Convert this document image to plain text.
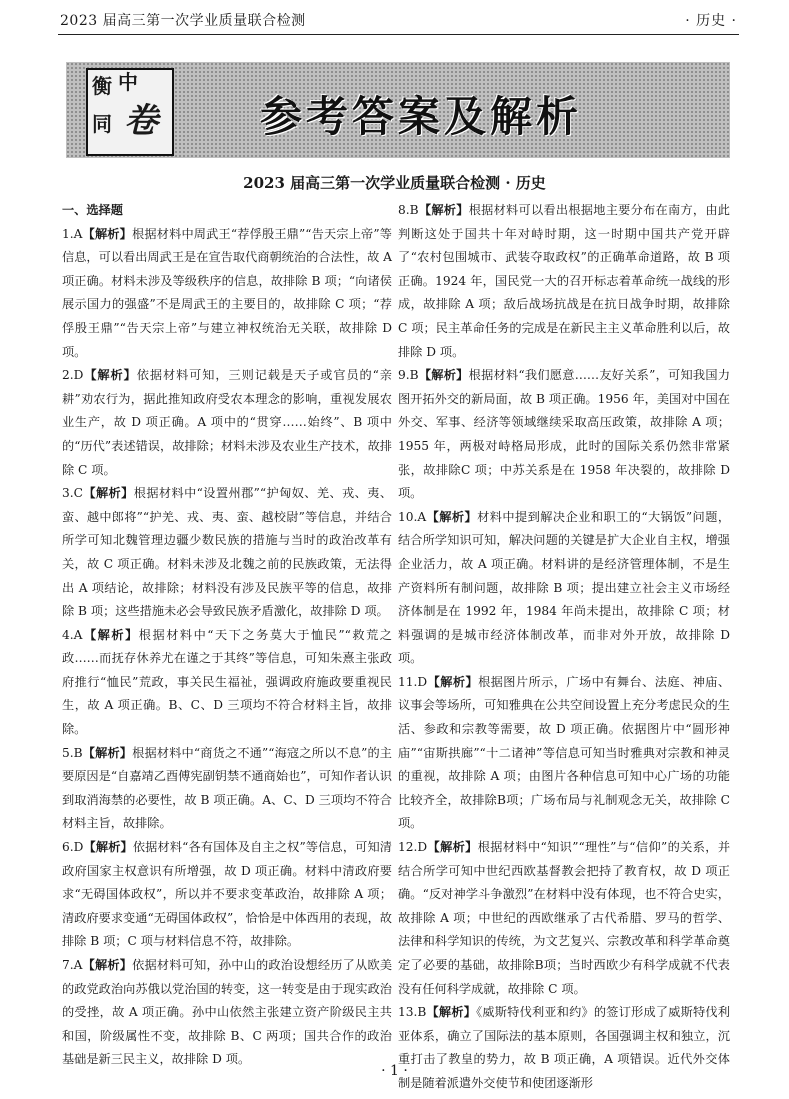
2023 届高三第一次学业质量联合检测	· 历史 ·
衡 中
同 卷 参考答案及解析
2023 届高三第一次学业质量联合检测 · 历史
一、选择题

1.A【解析】根据材料中周武王“荐俘殷王鼎”“告天宗上帝”等信息，可以看出周武王是在宣告取代商朝统治的合法性，故 A 项正确。材料未涉及等级秩序的信息，故排除 B 项；“向诸侯展示国力的强盛”不是周武王的主要目的，故排除 C 项；“荐俘殷王鼎”“告天宗上帝”与建立神权统治无关联，故排除 D 项。

2.D【解析】依据材料可知，三则记载是天子或官员的“亲耕”劝农行为，据此推知政府受农本理念的影响，重视发展农业生产，故 D 项正确。A 项中的“贯穿……始终”、B 项中的“历代”表述错误，故排除；材料未涉及农业生产技术，故排除 C 项。

3.C【解析】根据材料中“设置州郡”“护匈奴、羌、戎、夷、蛮、越中郎将”“护羌、戎、夷、蛮、越校尉”等信息，并结合所学可知北魏管理边疆少数民族的措施与当时的政治改革有关，故 C 项正确。材料未涉及北魏之前的民族政策，无法得出 A 项结论，故排除；材料没有涉及民族平等的信息，故排除 B 项；这些措施未必会导致民族矛盾激化，故排除 D 项。

4.A【解析】根据材料中“天下之务莫大于恤民”“救荒之政……而抚存休养尤在谨之于其终”等信息，可知朱熹主张政府推行“恤民”荒政，事关民生福祉，强调政府施政要重视民生，故 A 项正确。B、C、D 三项均不符合材料主旨，故排除。

5.B【解析】根据材料中“商货之不通”“海寇之所以不息”的主要原因是“自嘉靖乙酉傅宪副钥禁不通商始也”，可知作者认识到取消海禁的必要性，故 B 项正确。A、C、D 三项均不符合材料主旨，故排除。

6.D【解析】依据材料“各有国体及自主之权”等信息，可知清政府国家主权意识有所增强，故 D 项正确。材料中清政府要求“无碍国体政权”，所以并不要求变革政治，故排除 A 项；清政府要求变通“无碍国体政权”，恰恰是中体西用的表现，故排除 B 项；C 项与材料信息不符，故排除。

7.A【解析】依据材料可知，孙中山的政治设想经历了从欧美的政党政治向苏俄以党治国的转变，这一转变是由于现实政治的受挫，故 A 项正确。孙中山依然主张建立资产阶级民主共和国，阶级属性不变，故排除 B、C 两项；国共合作的政治基础是新三民主义，故排除 D 项。

8.B【解析】根据材料可以看出根据地主要分布在南方，由此判断这处于国共十年对峙时期，这一时期中国共产党开辟了“农村包围城市、武装夺取政权”的正确革命道路，故 B 项正确。1924 年，国民党一大的召开标志着革命统一战线的形成，故排除 A 项；敌后战场抗战是在抗日战争时期，故排除 C 项；民主革命任务的完成是在新民主主义革命胜利以后，故排除 D 项。

9.B【解析】根据材料“我们愿意……友好关系”，可知我国力图开拓外交的新局面，故 B 项正确。1956 年，美国对中国在外交、军事、经济等领域继续采取高压政策，故排除 A 项；1955 年，两极对峙格局形成，此时的国际关系仍然非常紧张，故排除C 项；中苏关系是在 1958 年决裂的，故排除 D 项。

10.A【解析】材料中提到解决企业和职工的“大锅饭”问题，结合所学知识可知，解决问题的关键是扩大企业自主权，增强企业活力，故 A 项正确。材料讲的是经济管理体制，不是生产资料所有制问题，故排除 B 项；提出建立社会主义市场经济体制是在 1992 年，1984 年尚未提出，故排除 C 项；材料强调的是城市经济体制改革，而非对外开放，故排除 D 项。

11.D【解析】根据图片所示，广场中有舞台、法庭、神庙、议事会等场所，可知雅典在公共空间设置上充分考虑民众的生活、参政和宗教等需要，故 D 项正确。依据图片中“圆形神庙”“宙斯拱廊”“十二诸神”等信息可知当时雅典对宗教和神灵的重视，故排除 A 项；由图片各种信息可知中心广场的功能比较齐全，故排除B项；广场布局与礼制观念无关，故排除 C 项。

12.D【解析】根据材料中“知识”“理性”与“信仰”的关系，并结合所学可知中世纪西欧基督教会把持了教育权，故 D 项正确。“反对神学斗争激烈”在材料中没有体现，也不符合史实，故排除 A 项；中世纪的西欧继承了古代希腊、罗马的哲学、法律和科学知识的传统，为文艺复兴、宗教改革和科学革命奠定了必要的基础，故排除B项；当时西欧少有科学成就不代表没有任何科学成就，故排除 C 项。

13.B【解析】《威斯特伐利亚和约》的签订形成了威斯特伐利亚体系，确立了国际法的基本原则，各国强调主权和独立，沉重打击了教皇的势力，故 B 项正确，A 项错误。近代外交体制是随着派遣外交使节和使团逐渐形

· 1 ·
